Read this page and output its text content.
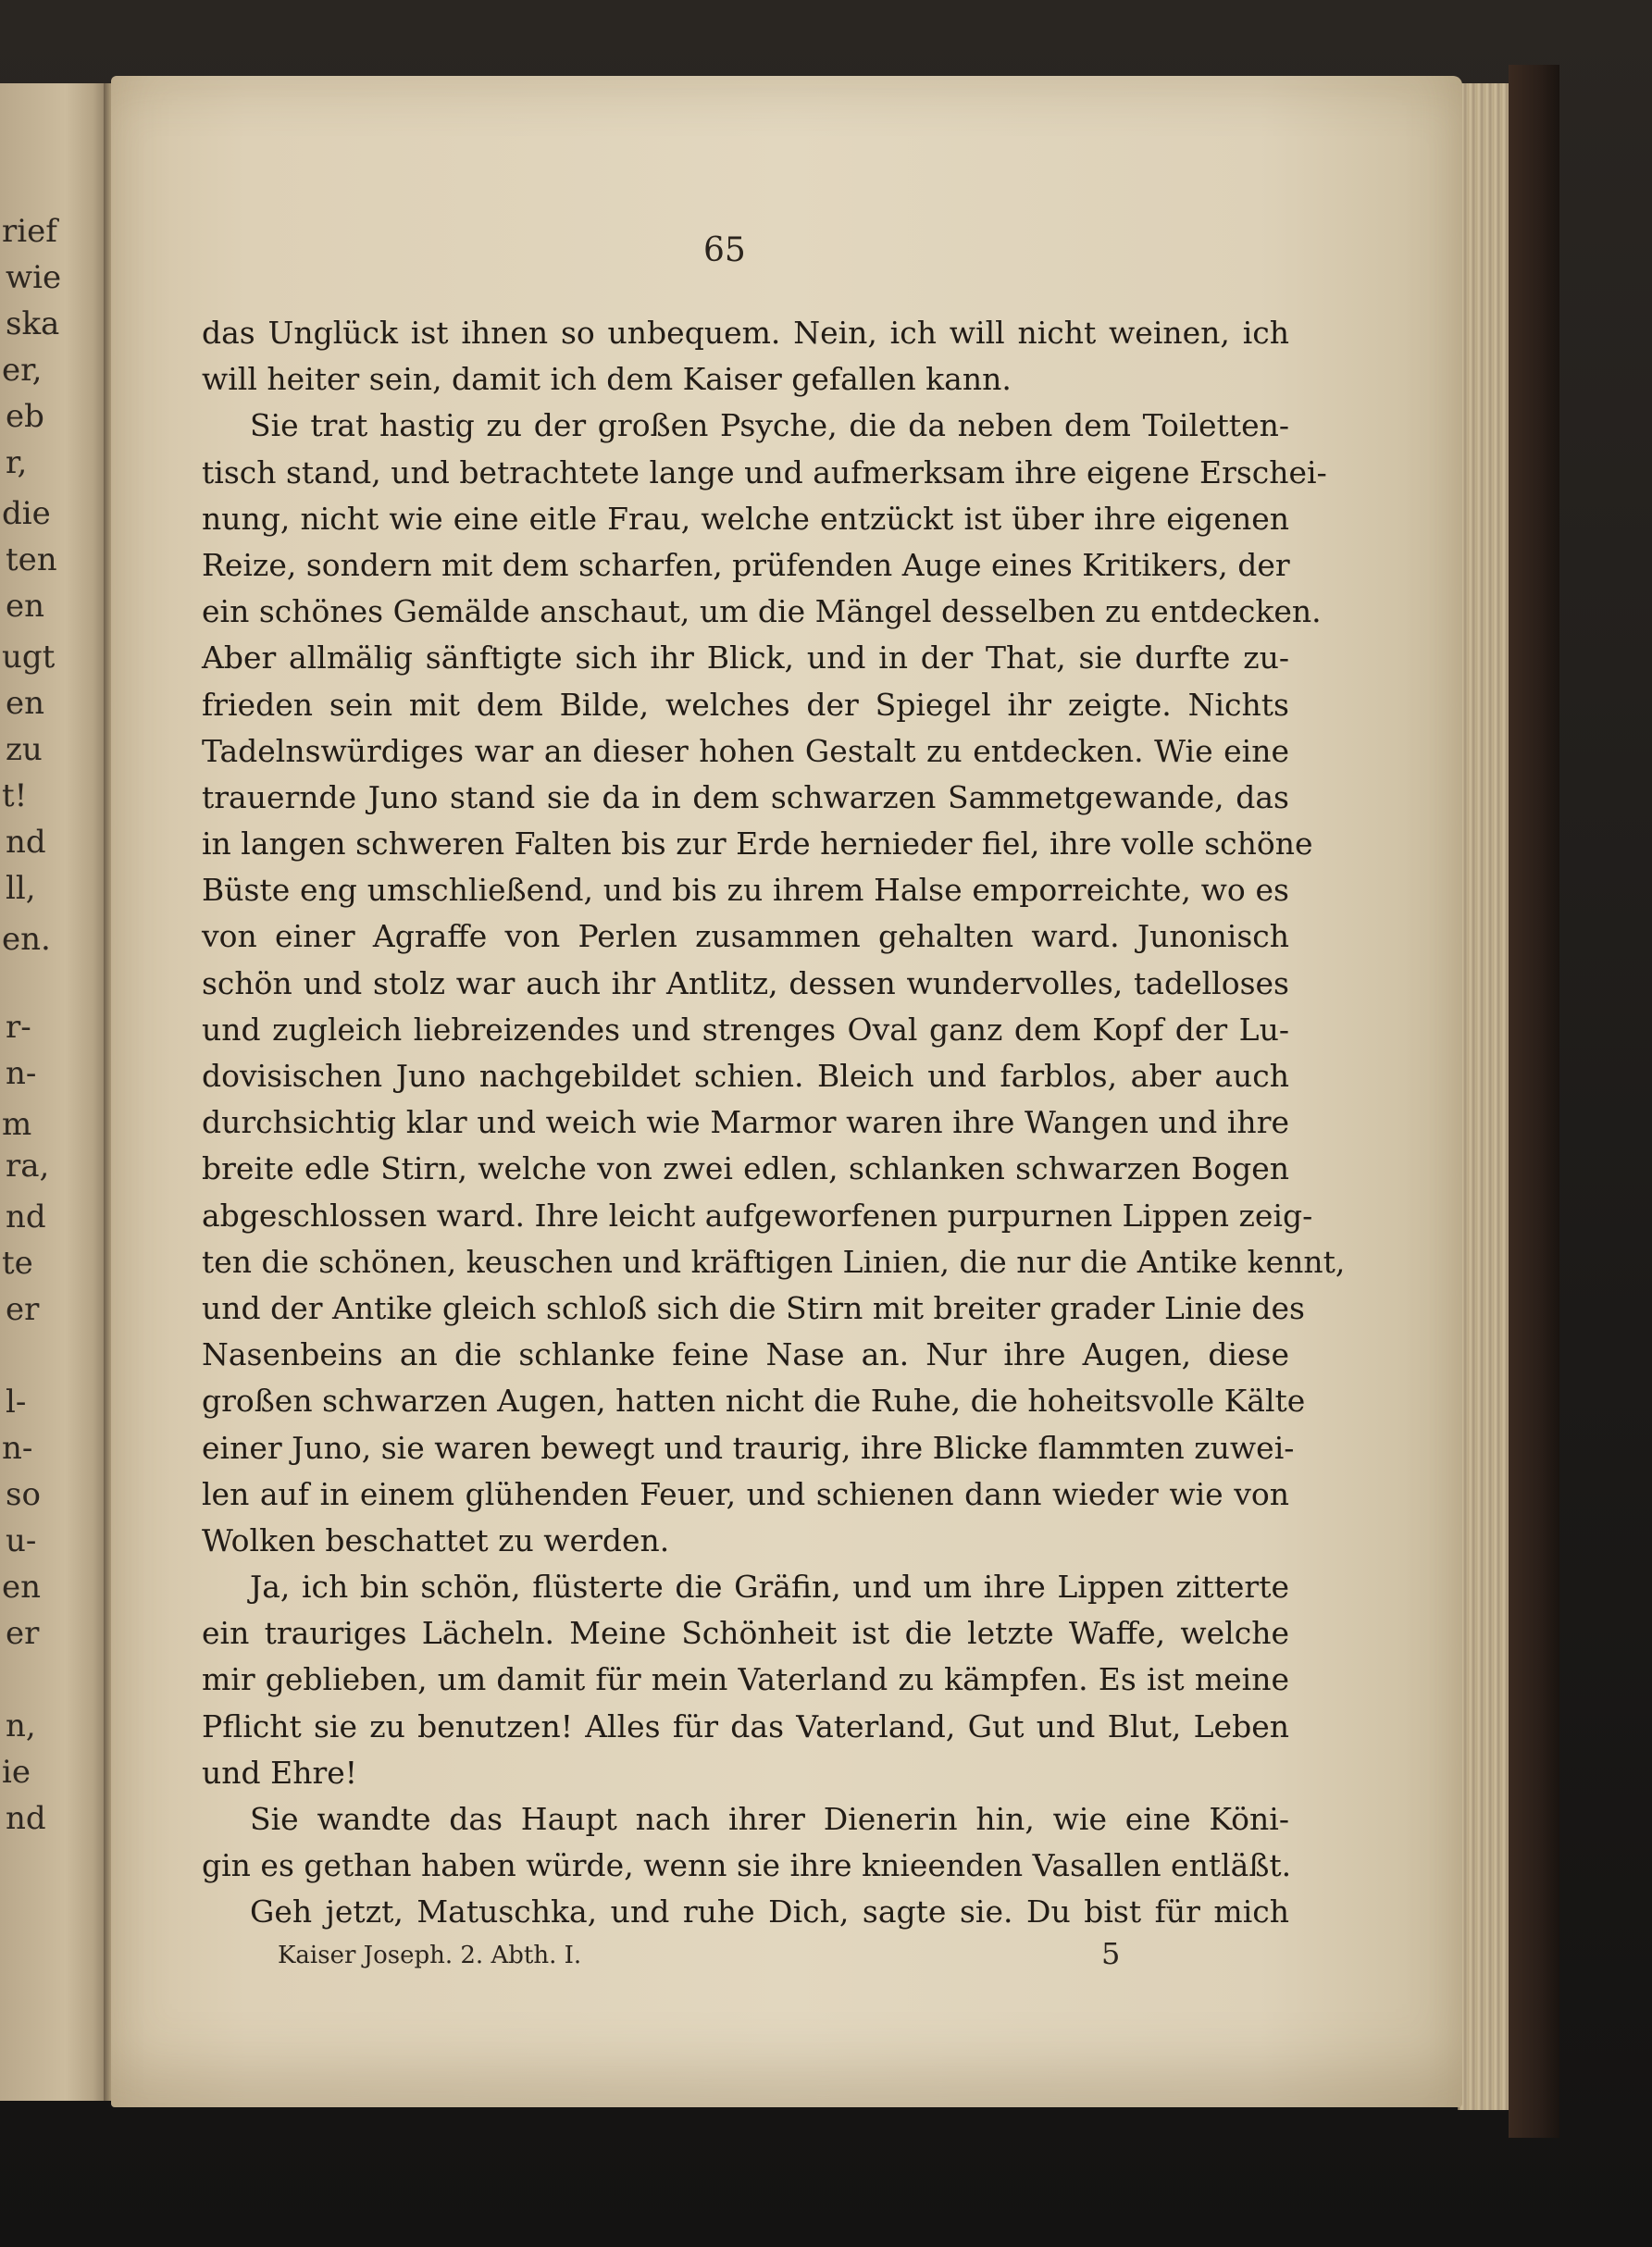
rief
wie
ska
er,
eb
r,
die
ten
en
ugt
en
zu
t!
nd
ll,
en.
r-
n-
m
ra,
nd
te
er
l-
n-
so
u-
en
er
n,
ie
nd
65
das Unglück ist ihnen so unbequem. Nein, ich will nicht weinen, ich
will heiter sein, damit ich dem Kaiser gefallen kann.
Sie trat hastig zu der großen Psyche, die da neben dem Toiletten-
tisch stand, und betrachtete lange und aufmerksam ihre eigene Erschei-
nung, nicht wie eine eitle Frau, welche entzückt ist über ihre eigenen
Reize, sondern mit dem scharfen, prüfenden Auge eines Kritikers, der
ein schönes Gemälde anschaut, um die Mängel desselben zu entdecken.
Aber allmälig sänftigte sich ihr Blick, und in der That, sie durfte zu-
frieden sein mit dem Bilde, welches der Spiegel ihr zeigte. Nichts
Tadelnswürdiges war an dieser hohen Gestalt zu entdecken. Wie eine
trauernde Juno stand sie da in dem schwarzen Sammetgewande, das
in langen schweren Falten bis zur Erde hernieder fiel, ihre volle schöne
Büste eng umschließend, und bis zu ihrem Halse emporreichte, wo es
von einer Agraffe von Perlen zusammen gehalten ward. Junonisch
schön und stolz war auch ihr Antlitz, dessen wundervolles, tadelloses
und zugleich liebreizendes und strenges Oval ganz dem Kopf der Lu-
dovisischen Juno nachgebildet schien. Bleich und farblos, aber auch
durchsichtig klar und weich wie Marmor waren ihre Wangen und ihre
breite edle Stirn, welche von zwei edlen, schlanken schwarzen Bogen
abgeschlossen ward. Ihre leicht aufgeworfenen purpurnen Lippen zeig-
ten die schönen, keuschen und kräftigen Linien, die nur die Antike kennt,
und der Antike gleich schloß sich die Stirn mit breiter grader Linie des
Nasenbeins an die schlanke feine Nase an. Nur ihre Augen, diese
großen schwarzen Augen, hatten nicht die Ruhe, die hoheitsvolle Kälte
einer Juno, sie waren bewegt und traurig, ihre Blicke flammten zuwei-
len auf in einem glühenden Feuer, und schienen dann wieder wie von
Wolken beschattet zu werden.
Ja, ich bin schön, flüsterte die Gräfin, und um ihre Lippen zitterte
ein trauriges Lächeln. Meine Schönheit ist die letzte Waffe, welche
mir geblieben, um damit für mein Vaterland zu kämpfen. Es ist meine
Pflicht sie zu benutzen! Alles für das Vaterland, Gut und Blut, Leben
und Ehre!
Sie wandte das Haupt nach ihrer Dienerin hin, wie eine Köni-
gin es gethan haben würde, wenn sie ihre knieenden Vasallen entläßt.
Geh jetzt, Matuschka, und ruhe Dich, sagte sie. Du bist für mich
Kaiser Joseph. 2. Abth. I.	5
